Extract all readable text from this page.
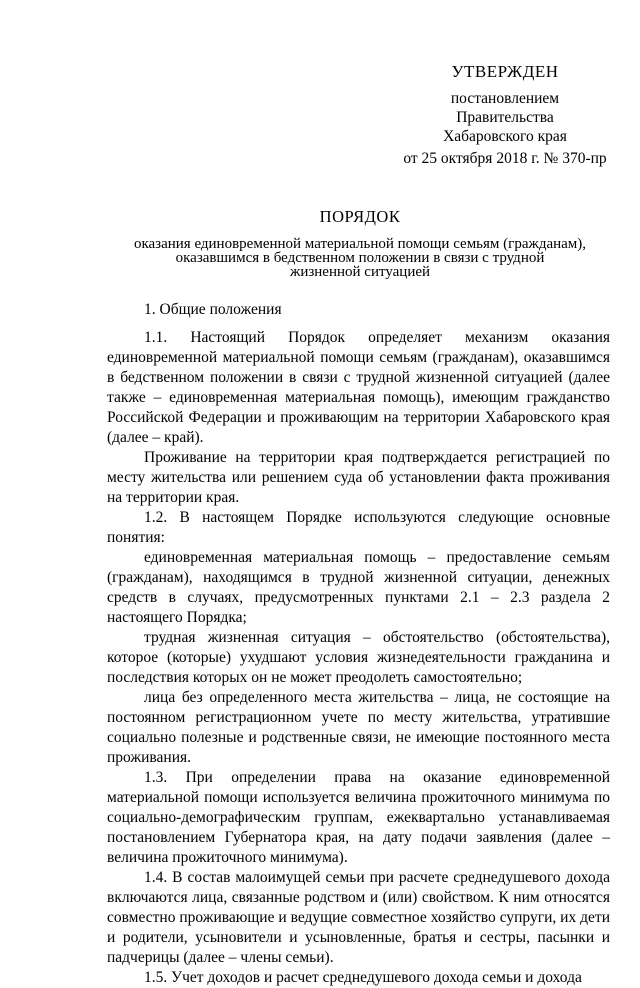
УТВЕРЖДЕН
постановлением
Правительства
Хабаровского края
от 25 октября 2018 г. № 370-пр
ПОРЯДОК
оказания единовременной материальной помощи семьям (гражданам),
оказавшимся в бедственном положении в связи с трудной
жизненной ситуацией

1. Общие положения

1.1. Настоящий Порядок определяет механизм оказания единовременной материальной помощи семьям (гражданам), оказавшимся в бедственном положении в связи с трудной жизненной ситуацией (далее также – единовременная материальная помощь), имеющим гражданство Российской Федерации и проживающим на территории Хабаровского края (далее – край).

Проживание на территории края подтверждается регистрацией по месту жительства или решением суда об установлении факта проживания на территории края.

1.2. В настоящем Порядке используются следующие основные понятия:

единовременная материальная помощь – предоставление семьям (гражданам), находящимся в трудной жизненной ситуации, денежных средств в случаях, предусмотренных пунктами 2.1 – 2.3 раздела 2 настоящего Порядка;

трудная жизненная ситуация – обстоятельство (обстоятельства), которое (которые) ухудшают условия жизнедеятельности гражданина и последствия которых он не может преодолеть самостоятельно;

лица без определенного места жительства – лица, не состоящие на постоянном регистрационном учете по месту жительства, утратившие социально полезные и родственные связи, не имеющие постоянного места проживания.

1.3. При определении права на оказание единовременной материальной помощи используется величина прожиточного минимума по социально-демографическим группам, ежеквартально устанавливаемая постановлением Губернатора края, на дату подачи заявления (далее – величина прожиточного минимума).

1.4. В состав малоимущей семьи при расчете среднедушевого дохода включаются лица, связанные родством и (или) свойством. К ним относятся совместно проживающие и ведущие совместное хозяйство супруги, их дети и родители, усыновители и усыновленные, братья и сестры, пасынки и падчерицы (далее – члены семьи).

1.5. Учет доходов и расчет среднедушевого дохода семьи и дохода
